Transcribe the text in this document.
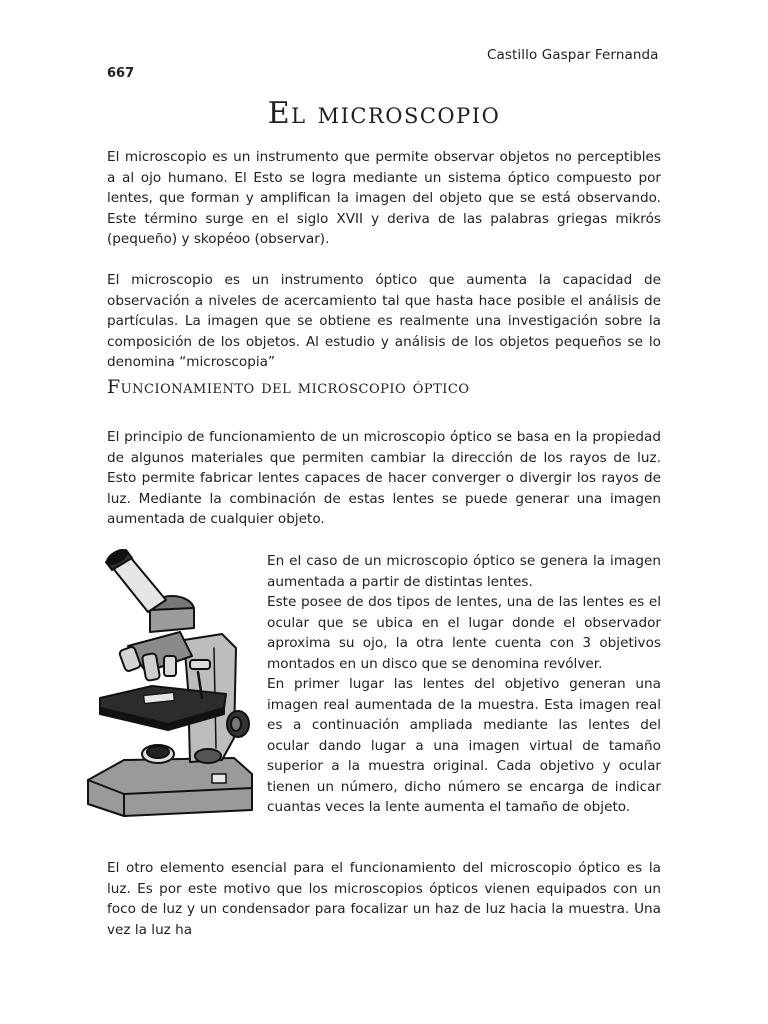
Castillo Gaspar Fernanda
667
El microscopio

El microscopio es un instrumento que permite observar objetos no perceptibles a al ojo humano. El Esto se logra mediante un sistema óptico compuesto por lentes, que forman y amplifican la imagen del objeto que se está observando. Este término surge en el siglo XVII y deriva de las palabras griegas mikrós (pequeño) y skopéoo (observar).

El microscopio es un instrumento óptico que aumenta la capacidad de observación a niveles de acercamiento tal que hasta hace posible el análisis de partículas. La imagen que se obtiene es realmente una investigación sobre la composición de los objetos. Al estudio y análisis de los objetos pequeños se lo denomina “microscopia”

Funcionamiento del microscopio óptico

El principio de funcionamiento de un microscopio óptico se basa en la propiedad de algunos materiales que permiten cambiar la dirección de los rayos de luz. Esto permite fabricar lentes capaces de hacer converger o divergir los rayos de luz. Mediante la combinación de estas lentes se puede generar una imagen aumentada de cualquier objeto.

En el caso de un microscopio óptico se genera la imagen aumentada a partir de distintas lentes.

Este posee de dos tipos de lentes, una de las lentes es el ocular que se ubica en el lugar donde el observador aproxima su ojo, la otra lente cuenta con 3 objetivos montados en un disco que se denomina revólver.

En primer lugar las lentes del objetivo generan una imagen real aumentada de la muestra. Esta imagen real es a continuación ampliada mediante las lentes del ocular dando lugar a una imagen virtual de tamaño superior a la muestra original. Cada objetivo y ocular tienen un número, dicho número se encarga de indicar cuantas veces la lente aumenta el tamaño de objeto.

El otro elemento esencial para el funcionamiento del microscopio óptico es la luz. Es por este motivo que los microscopios ópticos vienen equipados con un foco de luz y un condensador para focalizar un haz de luz hacia la muestra. Una vez la luz ha
